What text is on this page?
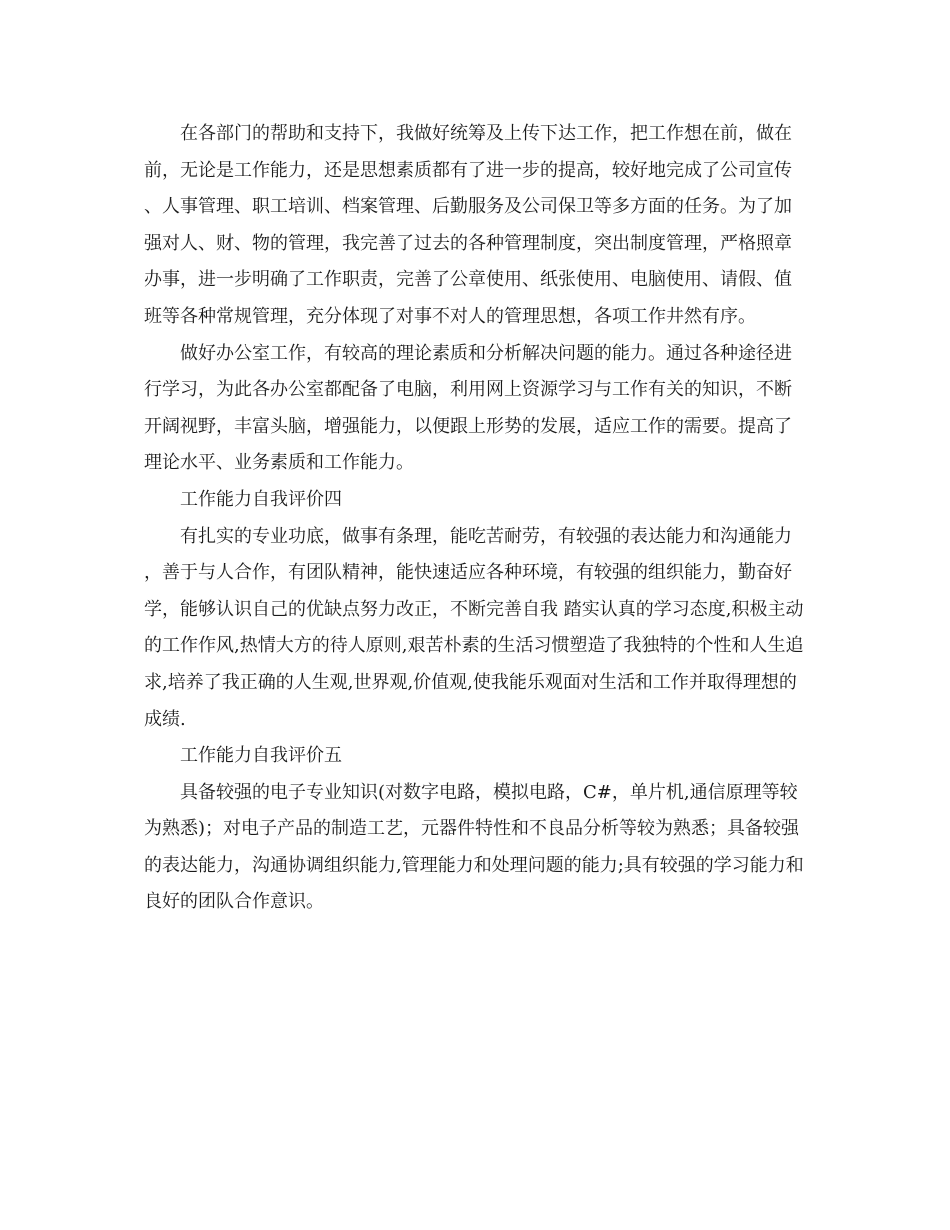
在各部门的帮助和支持下，我做好统筹及上传下达工作，把工作想在前，做在前，无论是工作能力，还是思想素质都有了进一步的提高，较好地完成了公司宣传、人事管理、职工培训、档案管理、后勤服务及公司保卫等多方面的任务。为了加强对人、财、物的管理，我完善了过去的各种管理制度，突出制度管理，严格照章办事，进一步明确了工作职责，完善了公章使用、纸张使用、电脑使用、请假、值班等各种常规管理，充分体现了对事不对人的管理思想，各项工作井然有序。

做好办公室工作，有较高的理论素质和分析解决问题的能力。通过各种途径进行学习，为此各办公室都配备了电脑，利用网上资源学习与工作有关的知识，不断开阔视野，丰富头脑，增强能力，以便跟上形势的发展，适应工作的需要。提高了理论水平、业务素质和工作能力。

工作能力自我评价四

有扎实的专业功底，做事有条理，能吃苦耐劳，有较强的表达能力和沟通能力，善于与人合作，有团队精神，能快速适应各种环境，有较强的组织能力，勤奋好学，能够认识自己的优缺点努力改正，不断完善自我 踏实认真的学习态度,积极主动的工作作风,热情大方的待人原则,艰苦朴素的生活习惯塑造了我独特的个性和人生追求,培养了我正确的人生观,世界观,价值观,使我能乐观面对生活和工作并取得理想的成绩.

工作能力自我评价五

具备较强的电子专业知识(对数字电路，模拟电路，C#，单片机,通信原理等较为熟悉)；对电子产品的制造工艺，元器件特性和不良品分析等较为熟悉；具备较强的表达能力，沟通协调组织能力,管理能力和处理问题的能力;具有较强的学习能力和良好的团队合作意识。
